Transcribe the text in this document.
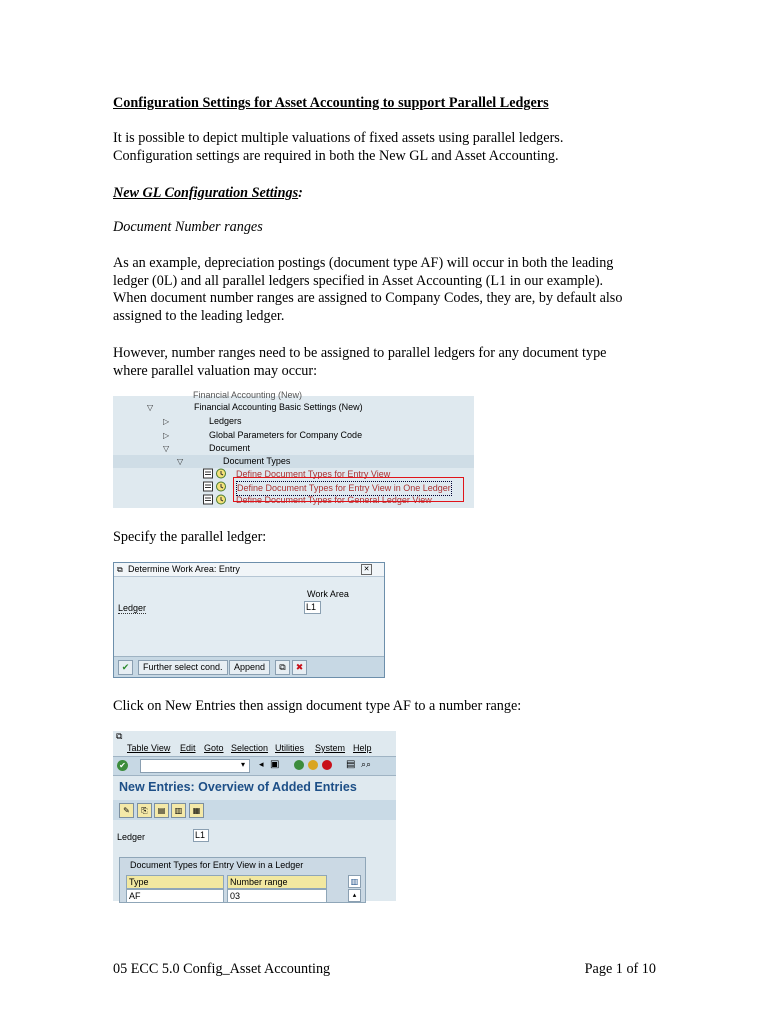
Configuration Settings for Asset Accounting to support Parallel Ledgers

It is possible to depict multiple valuations of fixed assets using parallel ledgers.
Configuration settings are required in both the New GL and Asset Accounting.

New GL Configuration Settings:

Document Number ranges

As an example, depreciation postings (document type AF) will occur in both the leading
ledger (0L) and all parallel ledgers specified in Asset Accounting (L1 in our example).
When document number ranges are assigned to Company Codes, they are, by default also
assigned to the leading ledger.

However, number ranges need to be assigned to parallel ledgers for any document type
where parallel valuation may occur:

Financial Accounting (New)
▽	Financial Accounting Basic Settings (New)
▷	Ledgers
▷	Global Parameters for Company Code
▽	Document
▽	Document Types
Define Document Types for Entry View
Define Document Types for Entry View in One Ledger
Define Document Types for General Ledger View

Specify the parallel ledger:

⧉ Determine Work Area: Entry	✕
Work Area
Ledger	L1
✔	Further select cond.	Append	⧉	✖

Click on New Entries then assign document type AF to a number range:

⧉
Table View Edit Goto Selection Utilities System Help
✔	▾ ◂ ▣	▤ ⌕⌕
New Entries: Overview of Added Entries
✎	⎘	▤	▥	▦
Ledger	L1
Document Types for Entry View in a Ledger
Type	Number range
AF	03
▥
▴

05 ECC 5.0 Config_Asset Accounting	Page 1 of 10
